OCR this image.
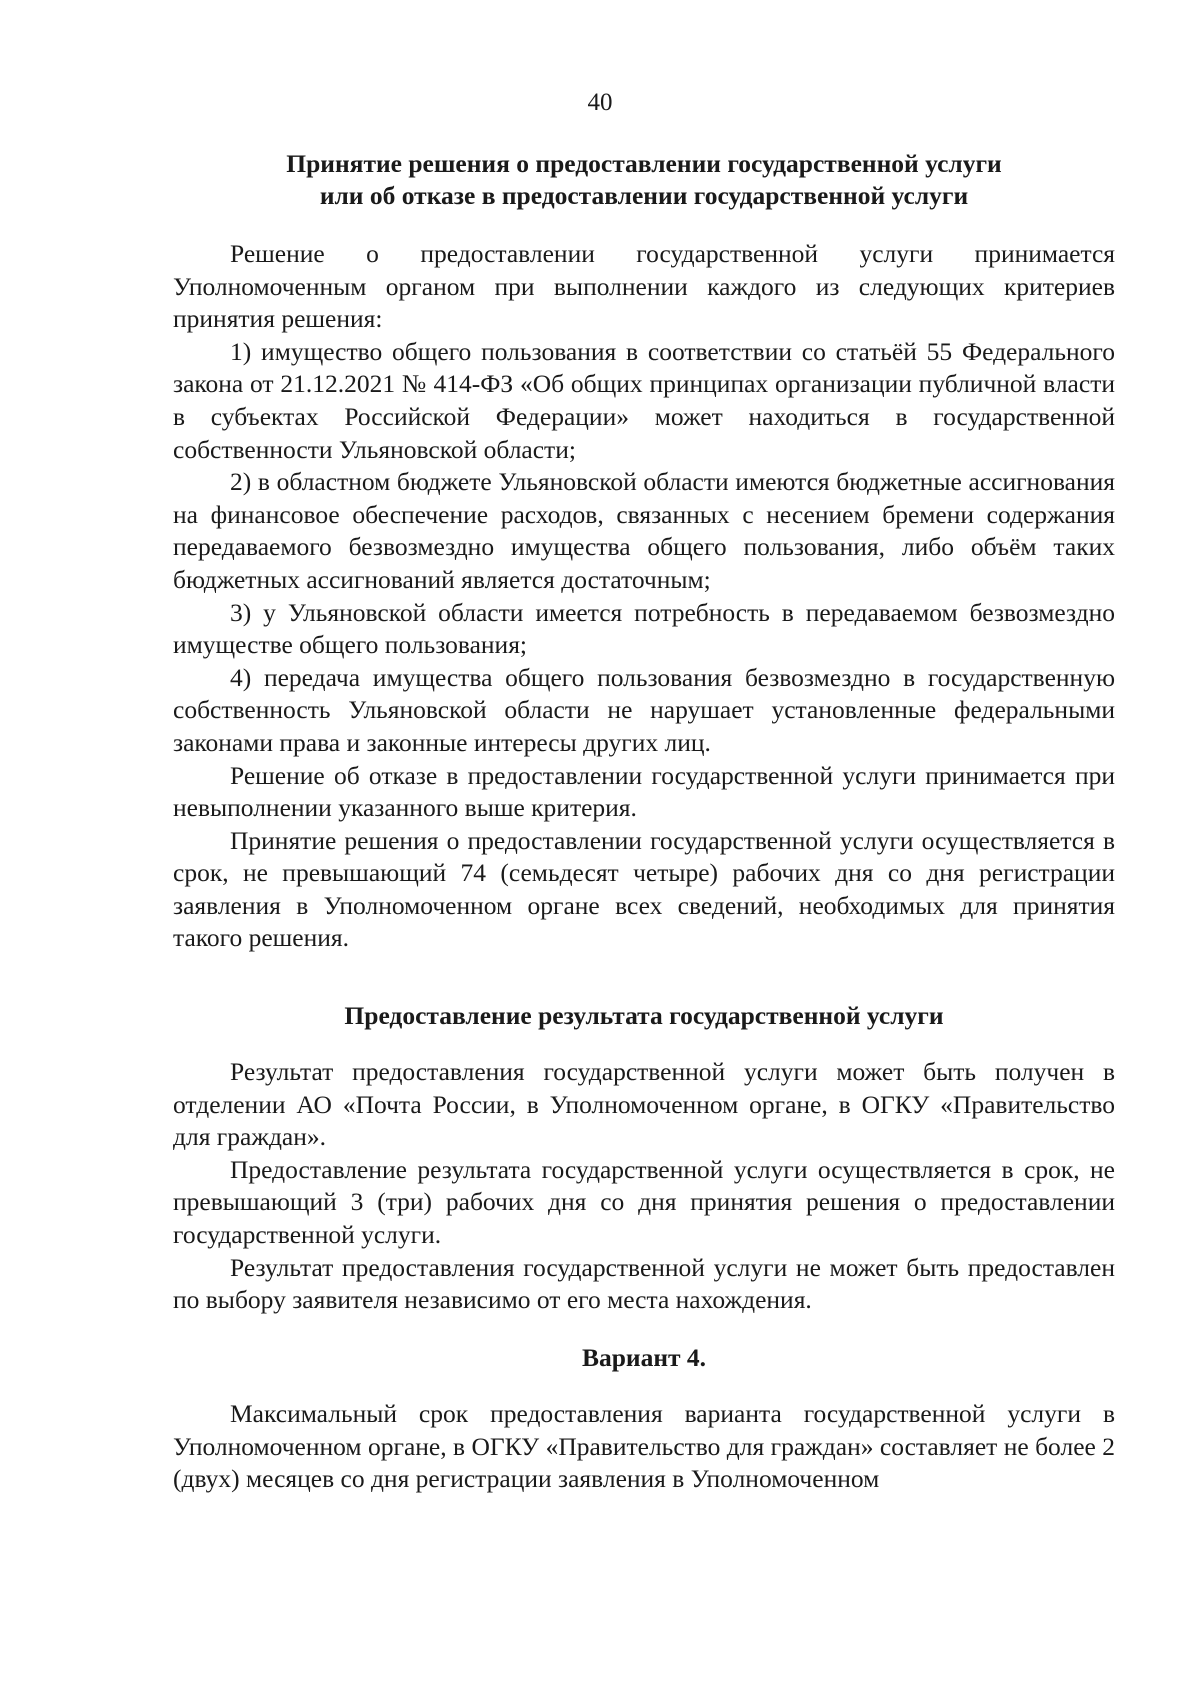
40
Принятие решения о предоставлении государственной услуги
или об отказе в предоставлении государственной услуги

Решение о предоставлении государственной услуги принимается Уполномоченным органом при выполнении каждого из следующих критериев принятия решения:

1) имущество общего пользования в соответствии со статьёй 55 Федерального закона от 21.12.2021 № 414-ФЗ «Об общих принципах организации публичной власти в субъектах Российской Федерации» может находиться в государственной собственности Ульяновской области;

2) в областном бюджете Ульяновской области имеются бюджетные ассигнования на финансовое обеспечение расходов, связанных с несением бремени содержания передаваемого безвозмездно имущества общего пользования, либо объём таких бюджетных ассигнований является достаточным;

3) у Ульяновской области имеется потребность в передаваемом безвозмездно имуществе общего пользования;

4) передача имущества общего пользования безвозмездно в государственную собственность Ульяновской области не нарушает установленные федеральными законами права и законные интересы других лиц.

Решение об отказе в предоставлении государственной услуги принимается при невыполнении указанного выше критерия.

Принятие решения о предоставлении государственной услуги осуществляется в срок, не превышающий 74 (семьдесят четыре) рабочих дня со дня регистрации заявления в Уполномоченном органе всех сведений, необходимых для принятия такого решения.

Предоставление результата государственной услуги

Результат предоставления государственной услуги может быть получен в отделении АО «Почта России, в Уполномоченном органе, в ОГКУ «Правительство для граждан».

Предоставление результата государственной услуги осуществляется в срок, не превышающий 3 (три) рабочих дня со дня принятия решения о предоставлении государственной услуги.

Результат предоставления государственной услуги не может быть предоставлен по выбору заявителя независимо от его места нахождения.

Вариант 4.

Максимальный срок предоставления варианта государственной услуги в Уполномоченном органе, в ОГКУ «Правительство для граждан» составляет не более 2 (двух) месяцев со дня регистрации заявления в Уполномоченном
